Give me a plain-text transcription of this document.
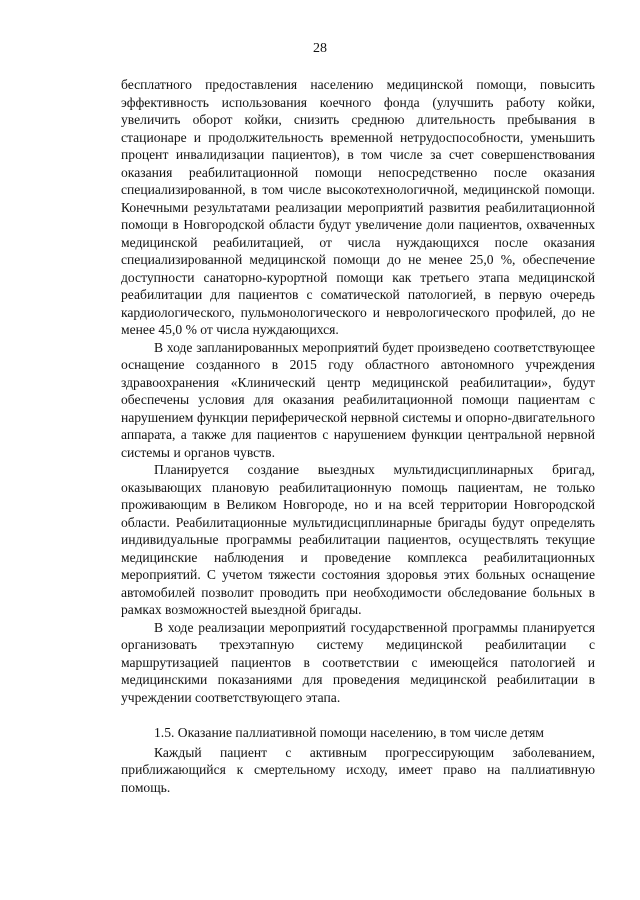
28

бесплатного предоставления населению медицинской помощи, повысить эффективность использования коечного фонда (улучшить работу койки, увеличить оборот койки, снизить среднюю длительность пребывания в стационаре и продолжительность временной нетрудоспособности, уменьшить процент инвалидизации пациентов), в том числе за счет совершенствования оказания реабилитационной помощи непосредственно после оказания специализированной, в том числе высокотехнологичной, медицинской помощи. Конечными результатами реализации мероприятий развития реабилитационной помощи в Новгородской области будут увеличение доли пациентов, охваченных медицинской реабилитацией, от числа нуждающихся после оказания специализированной медицинской помощи до не менее 25,0 %, обеспечение доступности санаторно-курортной помощи как третьего этапа медицинской реабилитации для пациентов с соматической патологией, в первую очередь кардиологического, пульмонологического и неврологического профилей, до не менее 45,0 % от числа нуждающихся.

В ходе запланированных мероприятий будет произведено соответствующее оснащение созданного в 2015 году областного автономного учреждения здравоохранения «Клинический центр медицинской реабилитации», будут обеспечены условия для оказания реабилитационной помощи пациентам с нарушением функции периферической нервной системы и опорно-двигательного аппарата, а также для пациентов с нарушением функции центральной нервной системы и органов чувств.

Планируется создание выездных мультидисциплинарных бригад, оказывающих плановую реабилитационную помощь пациентам, не только проживающим в Великом Новгороде, но и на всей территории Новгородской области. Реабилитационные мультидисциплинарные бригады будут определять индивидуальные программы реабилитации пациентов, осуществлять текущие медицинские наблюдения и проведение комплекса реабилитационных мероприятий. С учетом тяжести состояния здоровья этих больных оснащение автомобилей позволит проводить при необходимости обследование больных в рамках возможностей выездной бригады.

В ходе реализации мероприятий государственной программы планируется организовать трехэтапную систему медицинской реабилитации с маршрутизацией пациентов в соответствии с имеющейся патологией и медицинскими показаниями для проведения медицинской реабилитации в учреждении соответствующего этапа.

1.5. Оказание паллиативной помощи населению, в том числе детям

Каждый пациент с активным прогрессирующим заболеванием, приближающийся к смертельному исходу, имеет право на паллиативную помощь.
